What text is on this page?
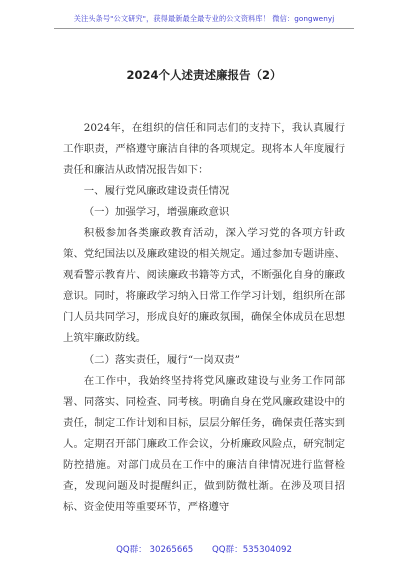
关注头条号"公文研究"，获得最新最全最专业的公文资料库！ 微信：gongwenyj
2024个人述责述廉报告（2）

2024年，在组织的信任和同志们的支持下，我认真履行工作职责，严格遵守廉洁自律的各项规定。现将本人年度履行责任和廉洁从政情况报告如下：

一、履行党风廉政建设责任情况

（一）加强学习，增强廉政意识

积极参加各类廉政教育活动，深入学习党的各项方针政策、党纪国法以及廉政建设的相关规定。通过参加专题讲座、观看警示教育片、阅读廉政书籍等方式，不断强化自身的廉政意识。同时，将廉政学习纳入日常工作学习计划，组织所在部门人员共同学习，形成良好的廉政氛围，确保全体成员在思想上筑牢廉政防线。

（二）落实责任，履行“一岗双责”

在工作中，我始终坚持将党风廉政建设与业务工作同部署、同落实、同检查、同考核。明确自身在党风廉政建设中的责任，制定工作计划和目标，层层分解任务，确保责任落实到人。定期召开部门廉政工作会议，分析廉政风险点，研究制定防控措施。对部门成员在工作中的廉洁自律情况进行监督检查，发现问题及时提醒纠正，做到防微杜渐。在涉及项目招标、资金使用等重要环节，严格遵守

QQ群： 30265665 QQ群：535304092
